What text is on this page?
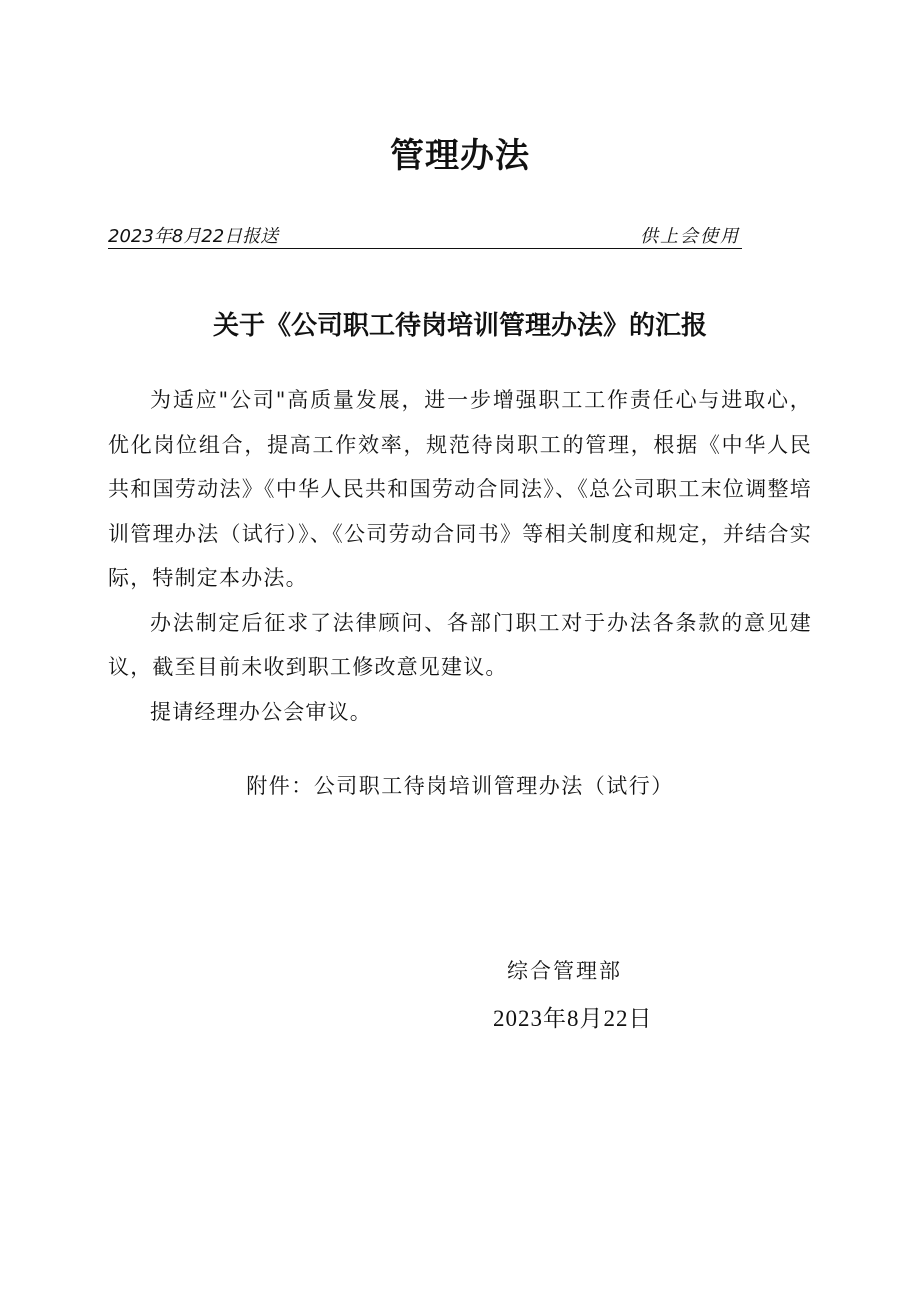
管理办法
2023年8月22日报送	供上会使用
关于《公司职工待岗培训管理办法》的汇报

为适应"公司"高质量发展，进一步增强职工工作责任心与进取心，优化岗位组合，提高工作效率，规范待岗职工的管理，根据《中华人民共和国劳动法》《中华人民共和国劳动合同法》、《总公司职工末位调整培训管理办法（试行）》、《公司劳动合同书》等相关制度和规定，并结合实际，特制定本办法。

办法制定后征求了法律顾问、各部门职工对于办法各条款的意见建议，截至目前未收到职工修改意见建议。

提请经理办公会审议。

附件：公司职工待岗培训管理办法（试行）
综合管理部
2023年8月22日
